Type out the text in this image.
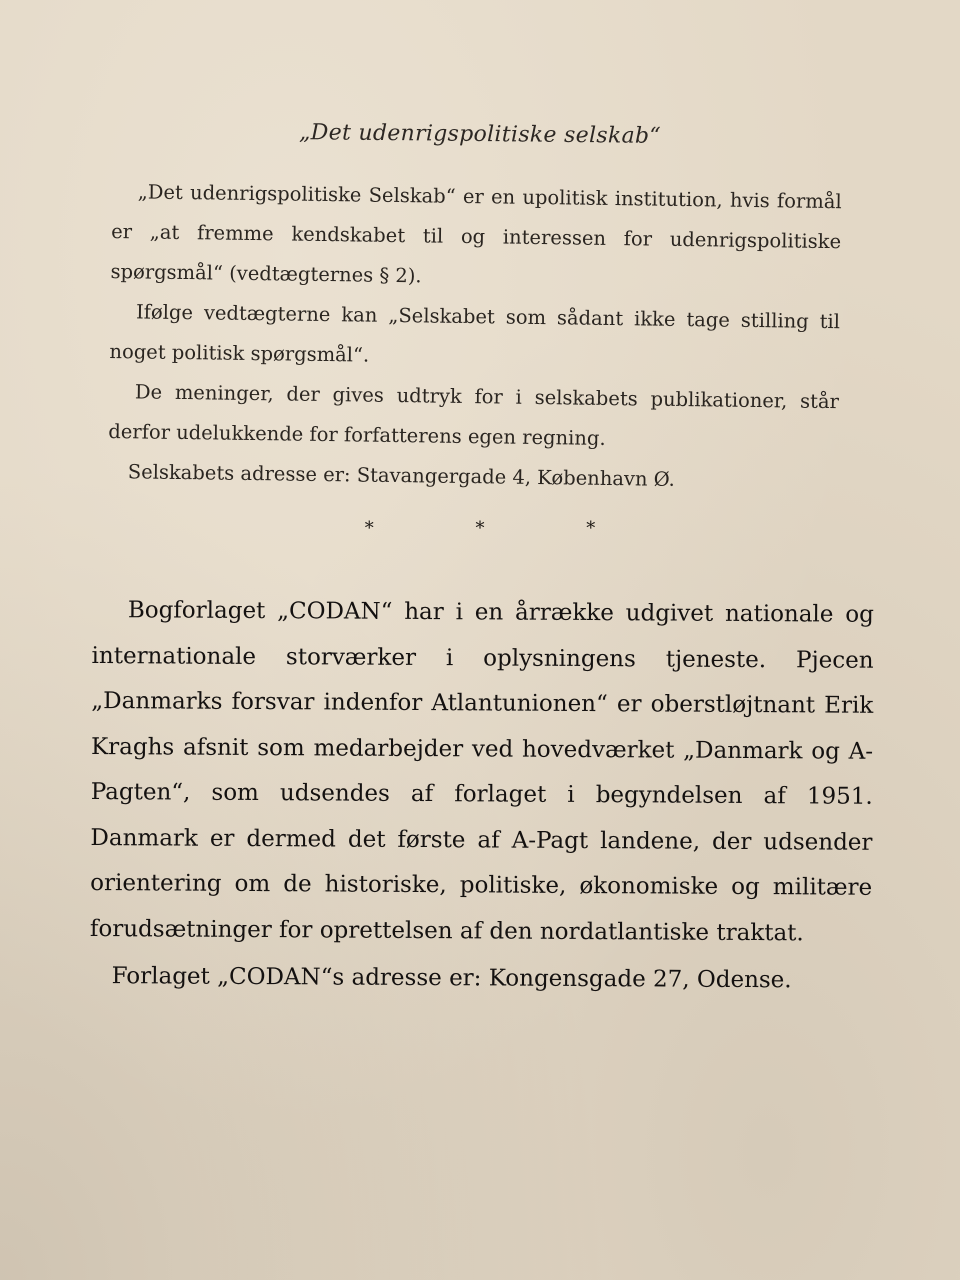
„Det udenrigspolitiske selskab“

„Det udenrigspolitiske Selskab“ er en upolitisk institution, hvis formål er „at fremme kendskabet til og interessen for udenrigspolitiske spørgsmål“ (vedtægternes § 2).

Ifølge vedtægterne kan „Selskabet som sådant ikke tage stilling til noget politisk spørgsmål“.

De meninger, der gives udtryk for i selskabets publikationer, står derfor udelukkende for forfatterens egen regning.

Selskabets adresse er: Stavangergade 4, København Ø.

* * *

Bogforlaget „CODAN“ har i en årrække udgivet nationale og internationale storværker i oplysningens tjeneste. Pjecen „Danmarks forsvar indenfor Atlantunionen“ er oberstløjtnant Erik Kraghs afsnit som medarbejder ved hovedværket „Danmark og A-Pagten“, som udsendes af forlaget i begyndelsen af 1951. Danmark er dermed det første af A-Pagt landene, der udsender orientering om de historiske, politiske, økonomiske og militære forudsætninger for oprettelsen af den nordatlantiske traktat.

Forlaget „CODAN“s adresse er: Kongensgade 27, Odense.
